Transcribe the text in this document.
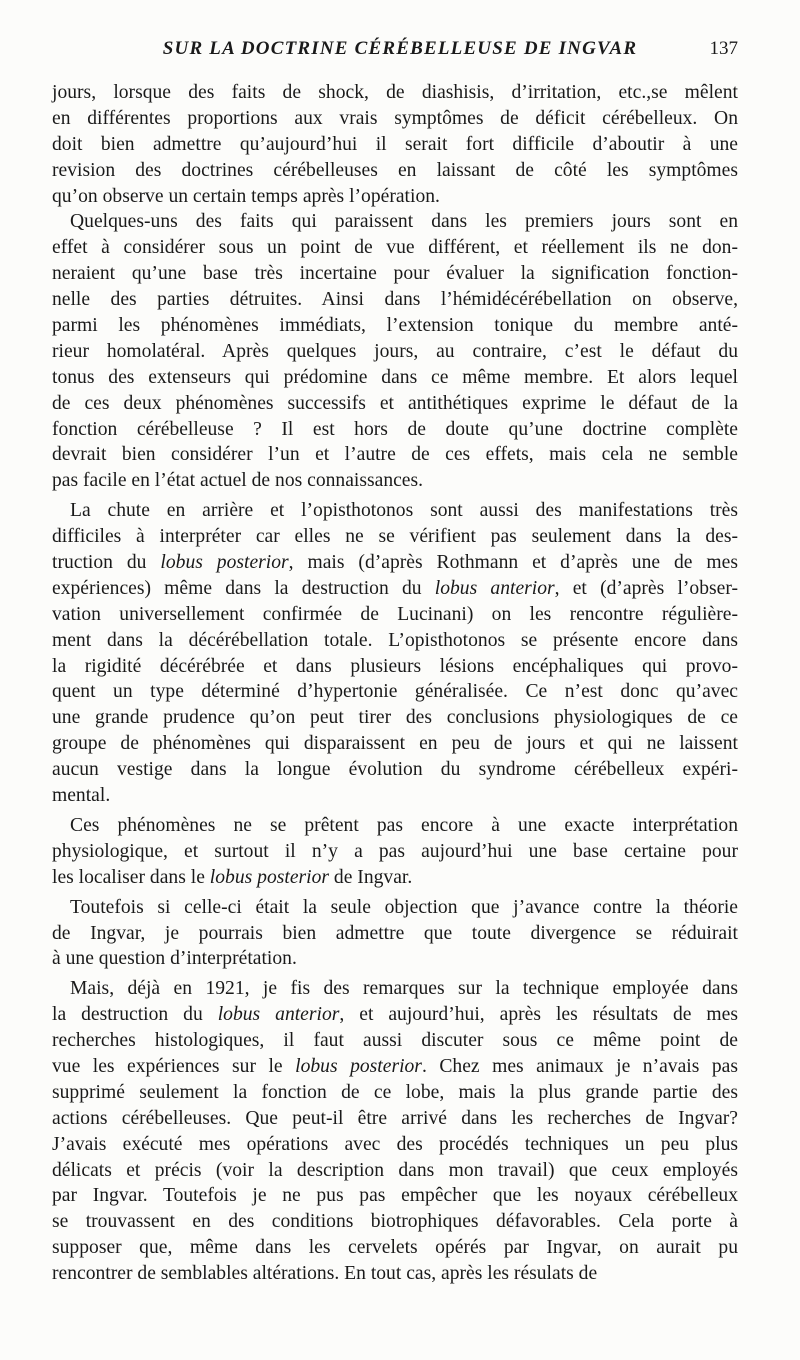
SUR LA DOCTRINE CÉRÉBELLEUSE DE INGVAR	137
jours, lorsque des faits de shock, de diashisis, d’irritation, etc.,se mêlent
en différentes proportions aux vrais symptômes de déficit cérébelleux. On
doit bien admettre qu’aujourd’hui il serait fort difficile d’aboutir à une
revision des doctrines cérébelleuses en laissant de côté les symptômes
qu’on observe un certain temps après l’opération.
Quelques-uns des faits qui paraissent dans les premiers jours sont en
effet à considérer sous un point de vue différent, et réellement ils ne don-
neraient qu’une base très incertaine pour évaluer la signification fonction-
nelle des parties détruites. Ainsi dans l’hémidécérébellation on observe,
parmi les phénomènes immédiats, l’extension tonique du membre anté-
rieur homolatéral. Après quelques jours, au contraire, c’est le défaut du
tonus des extenseurs qui prédomine dans ce même membre. Et alors lequel
de ces deux phénomènes successifs et antithétiques exprime le défaut de la
fonction cérébelleuse ? Il est hors de doute qu’une doctrine complète
devrait bien considérer l’un et l’autre de ces effets, mais cela ne semble
pas facile en l’état actuel de nos connaissances.
La chute en arrière et l’opisthotonos sont aussi des manifestations très
difficiles à interpréter car elles ne se vérifient pas seulement dans la des-
truction du lobus posterior, mais (d’après Rothmann et d’après une de mes
expériences) même dans la destruction du lobus anterior, et (d’après l’obser-
vation universellement confirmée de Lucinani) on les rencontre régulière-
ment dans la décérébellation totale. L’opisthotonos se présente encore dans
la rigidité décérébrée et dans plusieurs lésions encéphaliques qui provo-
quent un type déterminé d’hypertonie généralisée. Ce n’est donc qu’avec
une grande prudence qu’on peut tirer des conclusions physiologiques de ce
groupe de phénomènes qui disparaissent en peu de jours et qui ne laissent
aucun vestige dans la longue évolution du syndrome cérébelleux expéri-
mental.
Ces phénomènes ne se prêtent pas encore à une exacte interprétation
physiologique, et surtout il n’y a pas aujourd’hui une base certaine pour
les localiser dans le lobus posterior de Ingvar.
Toutefois si celle-ci était la seule objection que j’avance contre la théorie
de Ingvar, je pourrais bien admettre que toute divergence se réduirait
à une question d’interprétation.
Mais, déjà en 1921, je fis des remarques sur la technique employée dans
la destruction du lobus anterior, et aujourd’hui, après les résultats de mes
recherches histologiques, il faut aussi discuter sous ce même point de
vue les expériences sur le lobus posterior. Chez mes animaux je n’avais pas
supprimé seulement la fonction de ce lobe, mais la plus grande partie des
actions cérébelleuses. Que peut-il être arrivé dans les recherches de Ingvar?
J’avais exécuté mes opérations avec des procédés techniques un peu plus
délicats et précis (voir la description dans mon travail) que ceux employés
par Ingvar. Toutefois je ne pus pas empêcher que les noyaux cérébelleux
se trouvassent en des conditions biotrophiques défavorables. Cela porte à
supposer que, même dans les cervelets opérés par Ingvar, on aurait pu
rencontrer de semblables altérations. En tout cas, après les résulats de
